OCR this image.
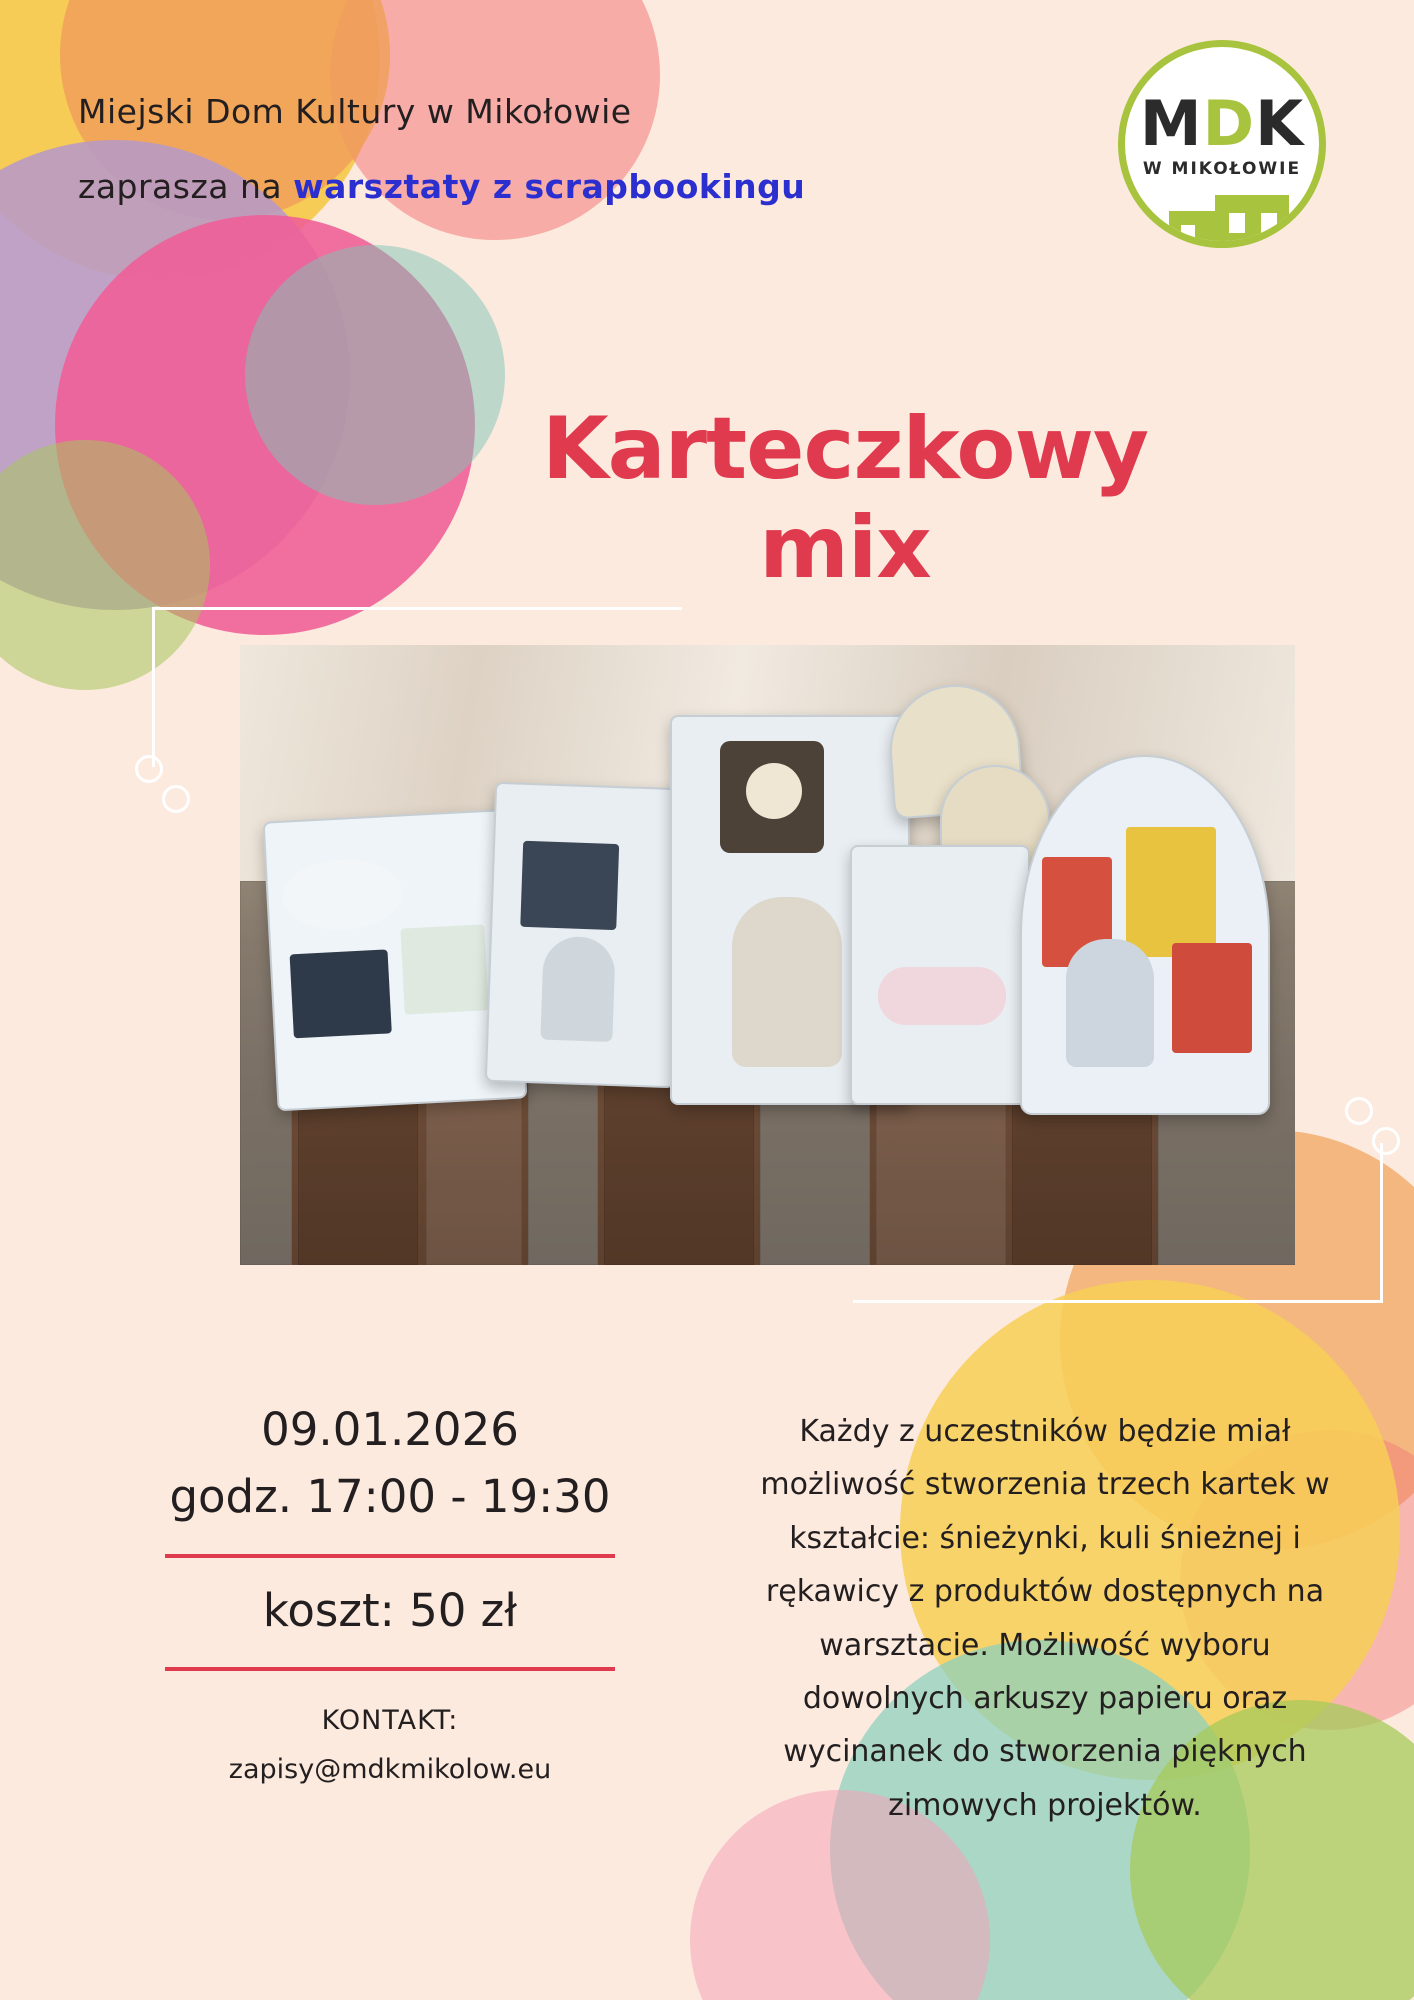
Miejski Dom Kultury w Mikołowie
zaprasza na warsztaty z scrapbookingu
MDK
W MIKOŁOWIE
Karteczkowy
mix
09.01.2026
godz. 17:00 - 19:30
koszt: 50 zł
KONTAKT:
zapisy@mdkmikolow.eu
Każdy z uczestników będzie miał możliwość stworzenia trzech kartek w kształcie: śnieżynki, kuli śnieżnej i rękawicy z produktów dostępnych na warsztacie. Możliwość wyboru dowolnych arkuszy papieru oraz wycinanek do stworzenia pięknych zimowych projektów.
